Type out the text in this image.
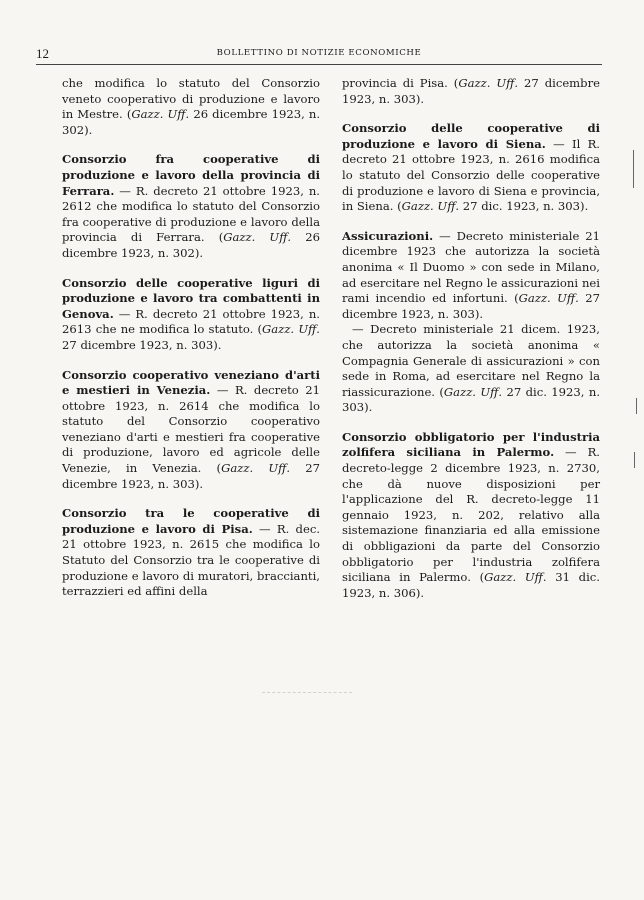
12	BOLLETTINO DI NOTIZIE ECONOMICHE

che modifica lo statuto del Consorzio veneto cooperativo di produzione e lavoro in Mestre. (Gazz. Uff. 26 dicembre 1923, n. 302).

Consorzio fra cooperative di produzione e lavoro della provincia di Ferrara. — R. decreto 21 ottobre 1923, n. 2612 che modifica lo statuto del Consorzio fra cooperative di produzione e lavoro della provincia di Ferrara. (Gazz. Uff. 26 dicembre 1923, n. 302).

Consorzio delle cooperative liguri di produzione e lavoro tra combattenti in Genova. — R. decreto 21 ottobre 1923, n. 2613 che ne modifica lo statuto. (Gazz. Uff. 27 dicembre 1923, n. 303).

Consorzio cooperativo veneziano d'arti e mestieri in Venezia. — R. decreto 21 ottobre 1923, n. 2614 che modifica lo statuto del Consorzio cooperativo veneziano d'arti e mestieri fra cooperative di produzione, lavoro ed agricole delle Venezie, in Venezia. (Gazz. Uff. 27 dicembre 1923, n. 303).

Consorzio tra le cooperative di produzione e lavoro di Pisa. — R. dec. 21 ottobre 1923, n. 2615 che modifica lo Statuto del Consorzio tra le cooperative di produzione e lavoro di muratori, braccianti, terrazzieri ed affini della

provincia di Pisa. (Gazz. Uff. 27 dicembre 1923, n. 303).

Consorzio delle cooperative di produzione e lavoro di Siena. — Il R. decreto 21 ottobre 1923, n. 2616 modifica lo statuto del Consorzio delle cooperative di produzione e lavoro di Siena e provincia, in Siena. (Gazz. Uff. 27 dic. 1923, n. 303).

Assicurazioni. — Decreto ministeriale 21 dicembre 1923 che autorizza la società anonima « Il Duomo » con sede in Milano, ad esercitare nel Regno le assicurazioni nei rami incendio ed infortuni. (Gazz. Uff. 27 dicembre 1923, n. 303).

— Decreto ministeriale 21 dicem. 1923, che autorizza la società anonima « Compagnia Generale di assicurazioni » con sede in Roma, ad esercitare nel Regno la riassicurazione. (Gazz. Uff. 27 dic. 1923, n. 303).

Consorzio obbligatorio per l'industria zolfifera siciliana in Palermo. — R. decreto-legge 2 dicembre 1923, n. 2730, che dà nuove disposizioni per l'applicazione del R. decreto-legge 11 gennaio 1923, n. 202, relativo alla sistemazione finanziaria ed alla emissione di obbligazioni da parte del Consorzio obbligatorio per l'industria zolfifera siciliana in Palermo. (Gazz. Uff. 31 dic. 1923, n. 306).
